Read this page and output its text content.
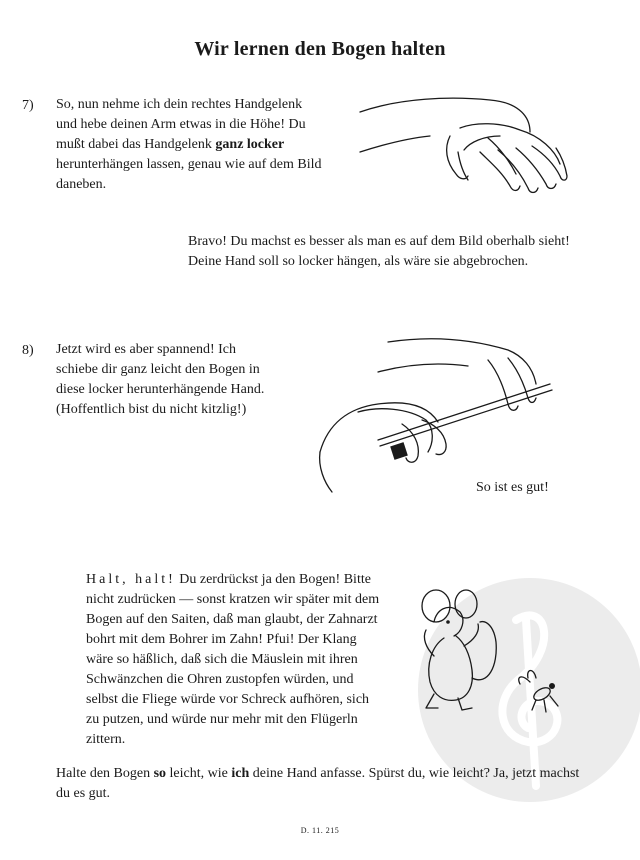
Wir lernen den Bogen halten
7) So, nun nehme ich dein rechtes Handgelenk und hebe deinen Arm etwas in die Höhe! Du mußt dabei das Handgelenk ganz locker herunterhängen lassen, genau wie auf dem Bild daneben.

Bravo! Du machst es besser als man es auf dem Bild oberhalb sieht!

Deine Hand soll so locker hängen, als wäre sie abgebrochen.

8) Jetzt wird es aber spannend! Ich schiebe dir ganz leicht den Bogen in diese locker herunterhängende Hand. (Hoffentlich bist du nicht kitzlig!)
So ist es gut!

Halt, halt! Du zerdrückst ja den Bogen! Bitte nicht zudrücken — sonst kratzen wir später mit dem Bogen auf den Saiten, daß man glaubt, der Zahnarzt bohrt mit dem Bohrer im Zahn! Pfui! Der Klang wäre so häßlich, daß sich die Mäuslein mit ihren Schwänzchen die Ohren zustopfen würden, und selbst die Fliege würde vor Schreck aufhören, sich zu putzen, und würde nur mehr mit den Flügerln zittern.

Halte den Bogen so leicht, wie ich deine Hand anfasse. Spürst du, wie leicht? Ja, jetzt machst du es gut.

D. 11. 215
